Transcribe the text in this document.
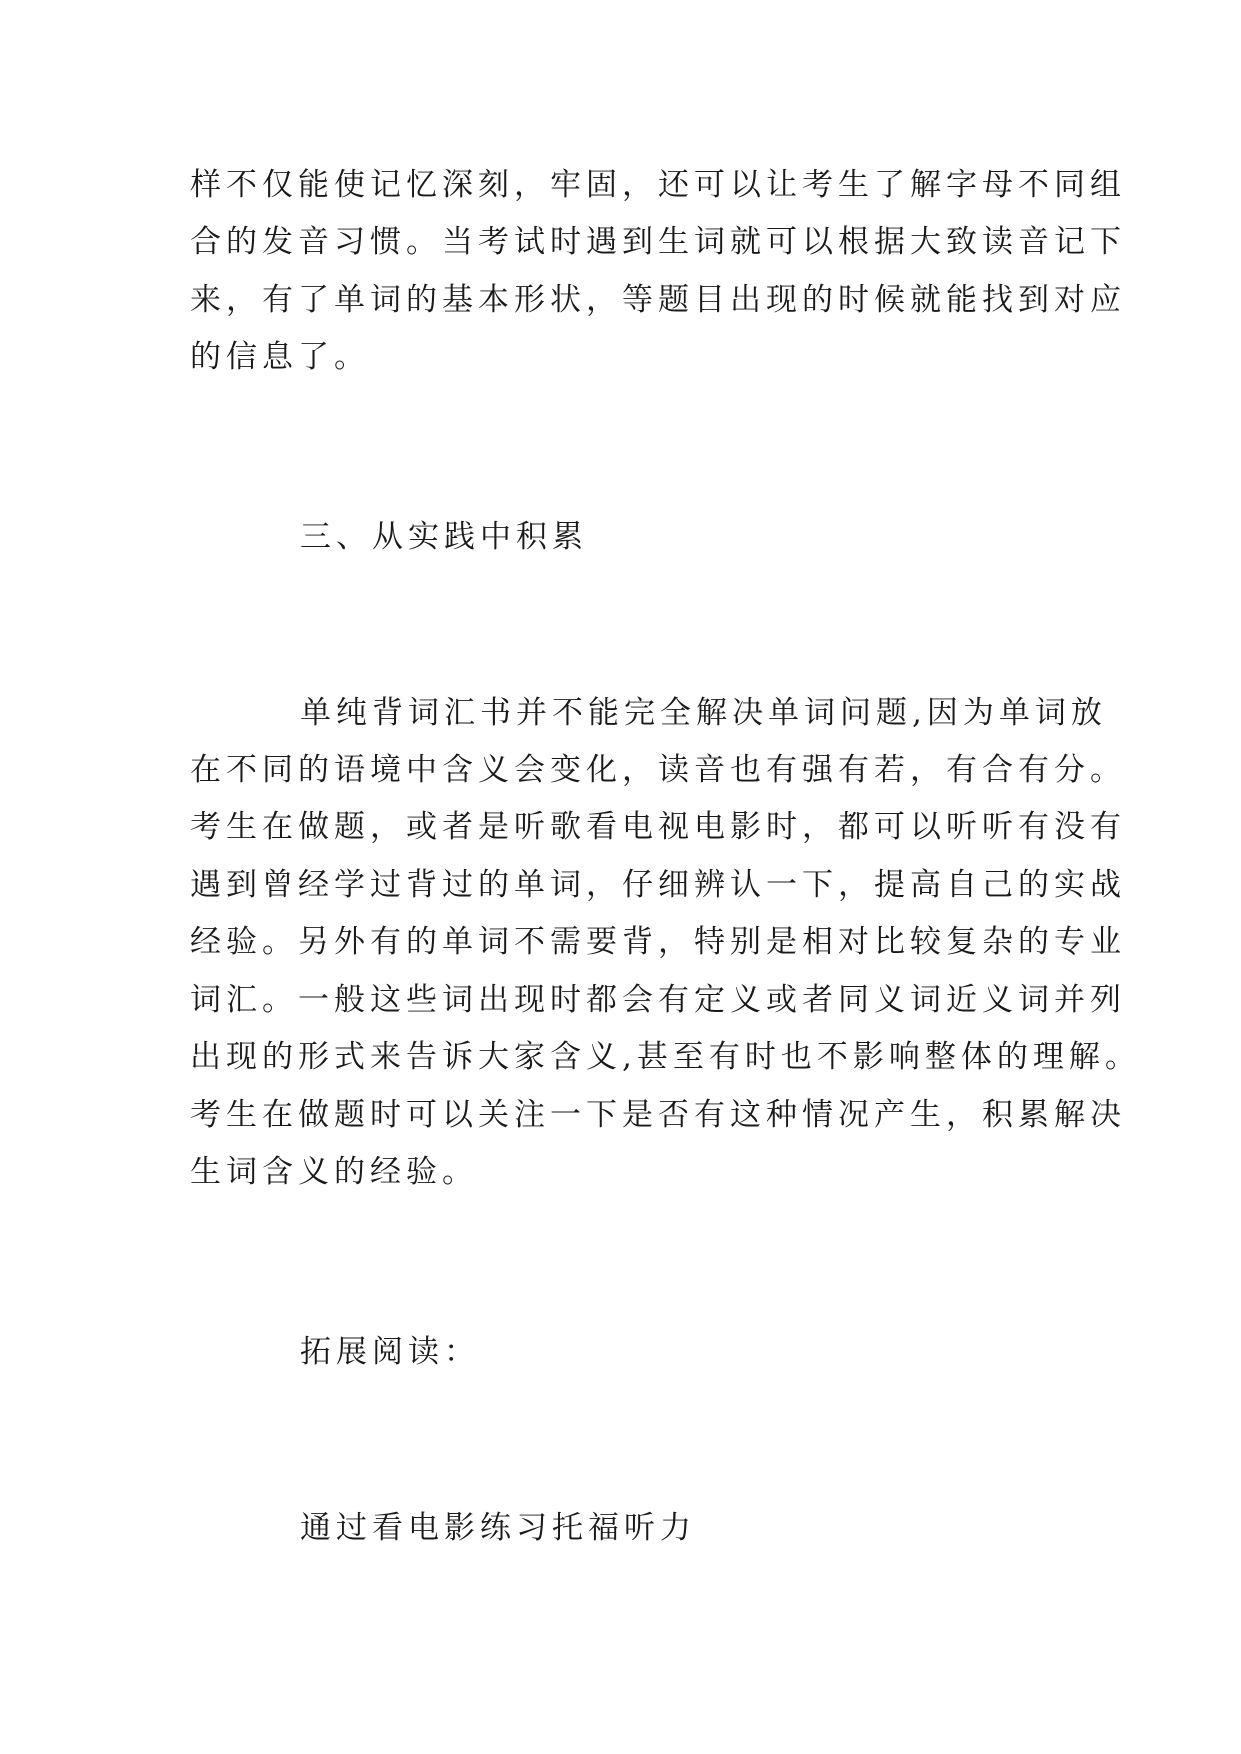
样不仅能使记忆深刻，牢固，还可以让考生了解字母不同组
合的发音习惯。当考试时遇到生词就可以根据大致读音记下
来，有了单词的基本形状，等题目出现的时候就能找到对应
的信息了。
三、从实践中积累
单纯背词汇书并不能完全解决单词问题,因为单词放
在不同的语境中含义会变化，读音也有强有若，有合有分。
考生在做题，或者是听歌看电视电影时，都可以听听有没有
遇到曾经学过背过的单词，仔细辨认一下，提高自己的实战
经验。另外有的单词不需要背，特别是相对比较复杂的专业
词汇。一般这些词出现时都会有定义或者同义词近义词并列
出现的形式来告诉大家含义,甚至有时也不影响整体的理解。
考生在做题时可以关注一下是否有这种情况产生，积累解决
生词含义的经验。
拓展阅读：
通过看电影练习托福听力
